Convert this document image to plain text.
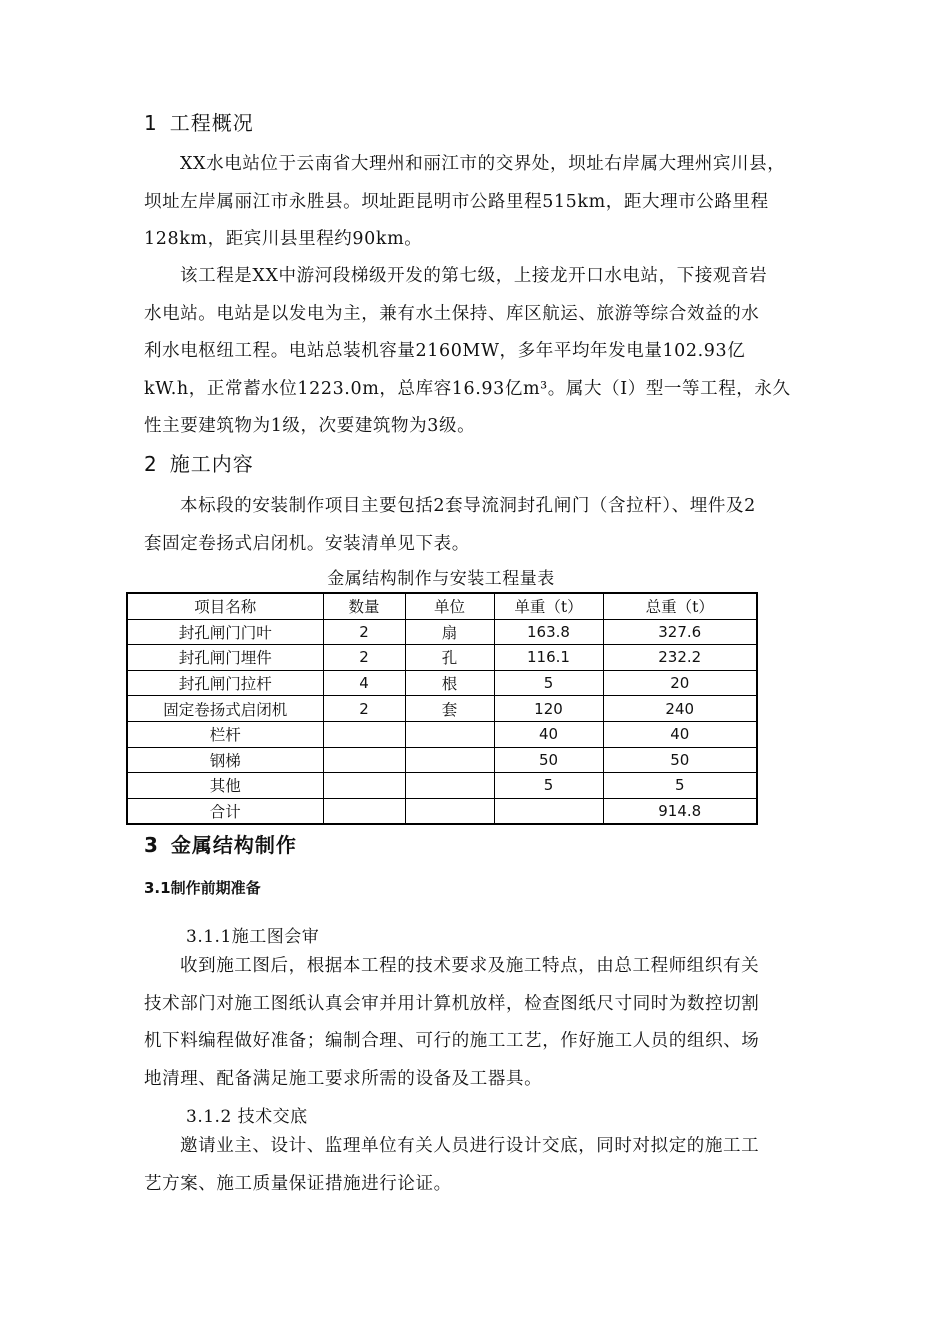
1 工程概况
XX水电站位于云南省大理州和丽江市的交界处，坝址右岸属大理州宾川县，
坝址左岸属丽江市永胜县。坝址距昆明市公路里程515km，距大理市公路里程
128km，距宾川县里程约90km。
该工程是XX中游河段梯级开发的第七级，上接龙开口水电站，下接观音岩
水电站。电站是以发电为主，兼有水土保持、库区航运、旅游等综合效益的水
利水电枢纽工程。电站总装机容量2160MW，多年平均年发电量102.93亿
kW.h，正常蓄水位1223.0m，总库容16.93亿m³。属大（Ⅰ）型一等工程，永久
性主要建筑物为1级，次要建筑物为3级。
2 施工内容
本标段的安装制作项目主要包括2套导流洞封孔闸门（含拉杆）、埋件及2
套固定卷扬式启闭机。安装清单见下表。
金属结构制作与安装工程量表
项目名称	数量	单位	单重（t）	总重（t）
封孔闸门门叶	2	扇	163.8	327.6
封孔闸门埋件	2	孔	116.1	232.2
封孔闸门拉杆	4	根	5	20
固定卷扬式启闭机	2	套	120	240
栏杆			40	40
钢梯			50	50
其他			5	5
合计				914.8
3 金属结构制作
3.1制作前期准备
3.1.1施工图会审
收到施工图后，根据本工程的技术要求及施工特点，由总工程师组织有关
技术部门对施工图纸认真会审并用计算机放样，检查图纸尺寸同时为数控切割
机下料编程做好准备；编制合理、可行的施工工艺，作好施工人员的组织、场
地清理、配备满足施工要求所需的设备及工器具。
3.1.2 技术交底
邀请业主、设计、监理单位有关人员进行设计交底，同时对拟定的施工工
艺方案、施工质量保证措施进行论证。
